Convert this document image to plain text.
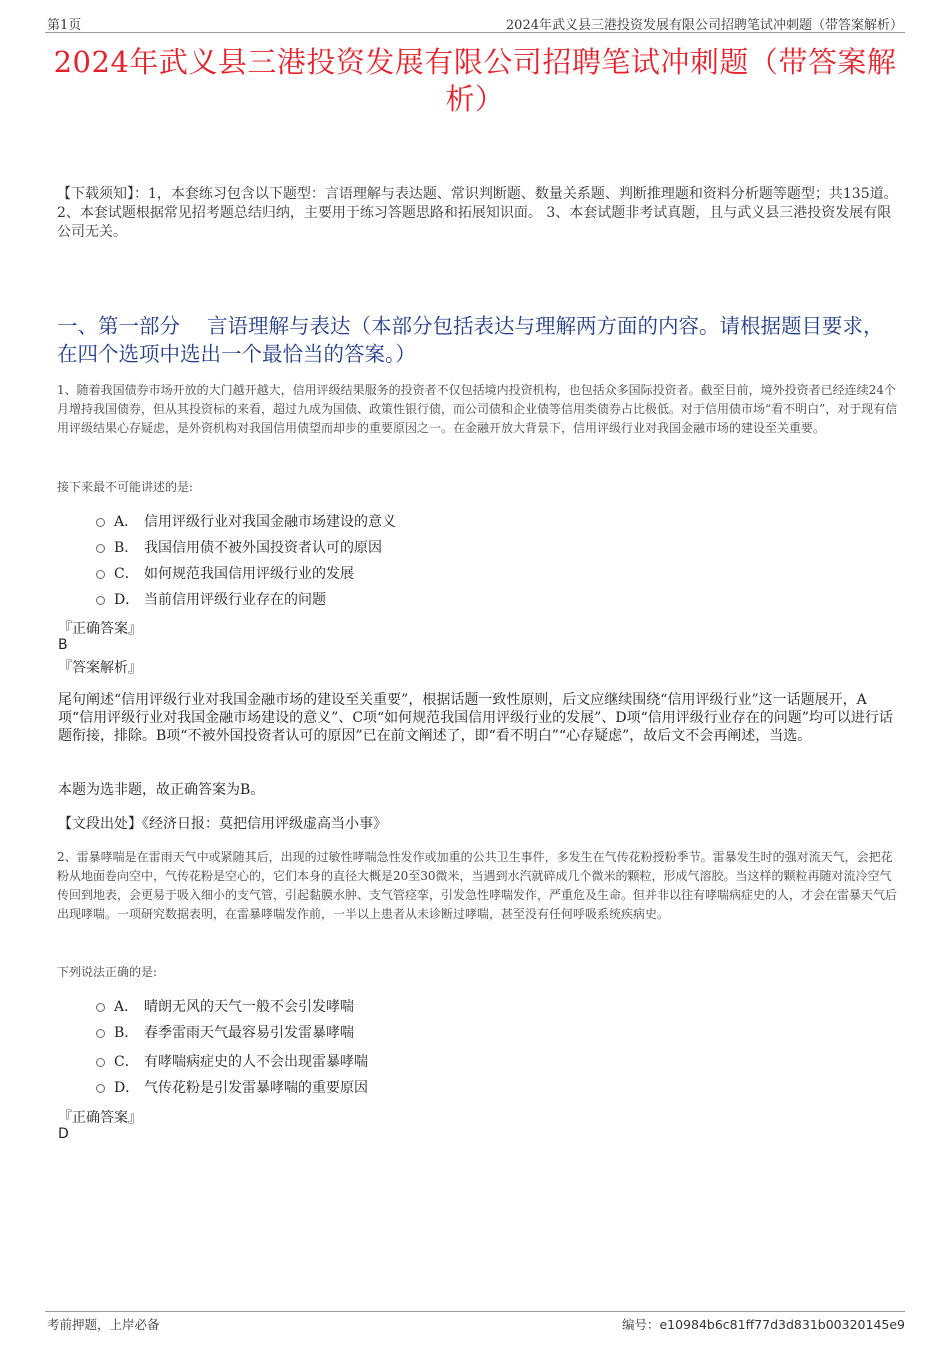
第1页	2024年武义县三港投资发展有限公司招聘笔试冲刺题（带答案解析）
2024年武义县三港投资发展有限公司招聘笔试冲刺题（带答案解析）
【下载须知】：1，本套练习包含以下题型：言语理解与表达题、常识判断题、数量关系题、判断推理题和资料分析题等题型；共135道。 2、本套试题根据常见招考题总结归纳，主要用于练习答题思路和拓展知识面。 3、本套试题非考试真题，且与武义县三港投资发展有限公司无关。
一、第一部分　 言语理解与表达（本部分包括表达与理解两方面的内容。请根据题目要求，在四个选项中选出一个最恰当的答案。）
1、随着我国债券市场开放的大门越开越大，信用评级结果服务的投资者不仅包括境内投资机构，也包括众多国际投资者。截至目前，境外投资者已经连续24个月增持我国债券，但从其投资标的来看，超过九成为国债、政策性银行债，而公司债和企业债等信用类债券占比极低。对于信用债市场“看不明白”，对于现有信用评级结果心存疑虑，是外资机构对我国信用债望而却步的重要原因之一。在金融开放大背景下，信用评级行业对我国金融市场的建设至关重要。
接下来最不可能讲述的是:
A． 信用评级行业对我国金融市场建设的意义
B． 我国信用债不被外国投资者认可的原因
C． 如何规范我国信用评级行业的发展
D． 当前信用评级行业存在的问题
『正确答案』
B
『答案解析』
尾句阐述“信用评级行业对我国金融市场的建设至关重要”，根据话题一致性原则，后文应继续围绕“信用评级行业”这一话题展开，A项“信用评级行业对我国金融市场建设的意义”、C项“如何规范我国信用评级行业的发展”、D项“信用评级行业存在的问题”均可以进行话题衔接，排除。B项“不被外国投资者认可的原因”已在前文阐述了，即“看不明白”“心存疑虑”，故后文不会再阐述，当选。
本题为选非题，故正确答案为B。
【文段出处】《经济日报：莫把信用评级虚高当小事》
2、雷暴哮喘是在雷雨天气中或紧随其后，出现的过敏性哮喘急性发作或加重的公共卫生事件，多发生在气传花粉授粉季节。雷暴发生时的强对流天气，会把花粉从地面卷向空中，气传花粉是空心的，它们本身的直径大概是20至30微米，当遇到水汽就碎成几个微米的颗粒，形成气溶胶。当这样的颗粒再随对流冷空气传回到地表，会更易于吸入细小的支气管，引起黏膜水肿、支气管痉挛，引发急性哮喘发作，严重危及生命。但并非以往有哮喘病症史的人，才会在雷暴天气后出现哮喘。一项研究数据表明，在雷暴哮喘发作前，一半以上患者从未诊断过哮喘，甚至没有任何呼吸系统疾病史。
下列说法正确的是:
A． 晴朗无风的天气一般不会引发哮喘
B． 春季雷雨天气最容易引发雷暴哮喘
C． 有哮喘病症史的人不会出现雷暴哮喘
D． 气传花粉是引发雷暴哮喘的重要原因
『正确答案』
D
考前押题，上岸必备	编号：e10984b6c81ff77d3d831b00320145e9
